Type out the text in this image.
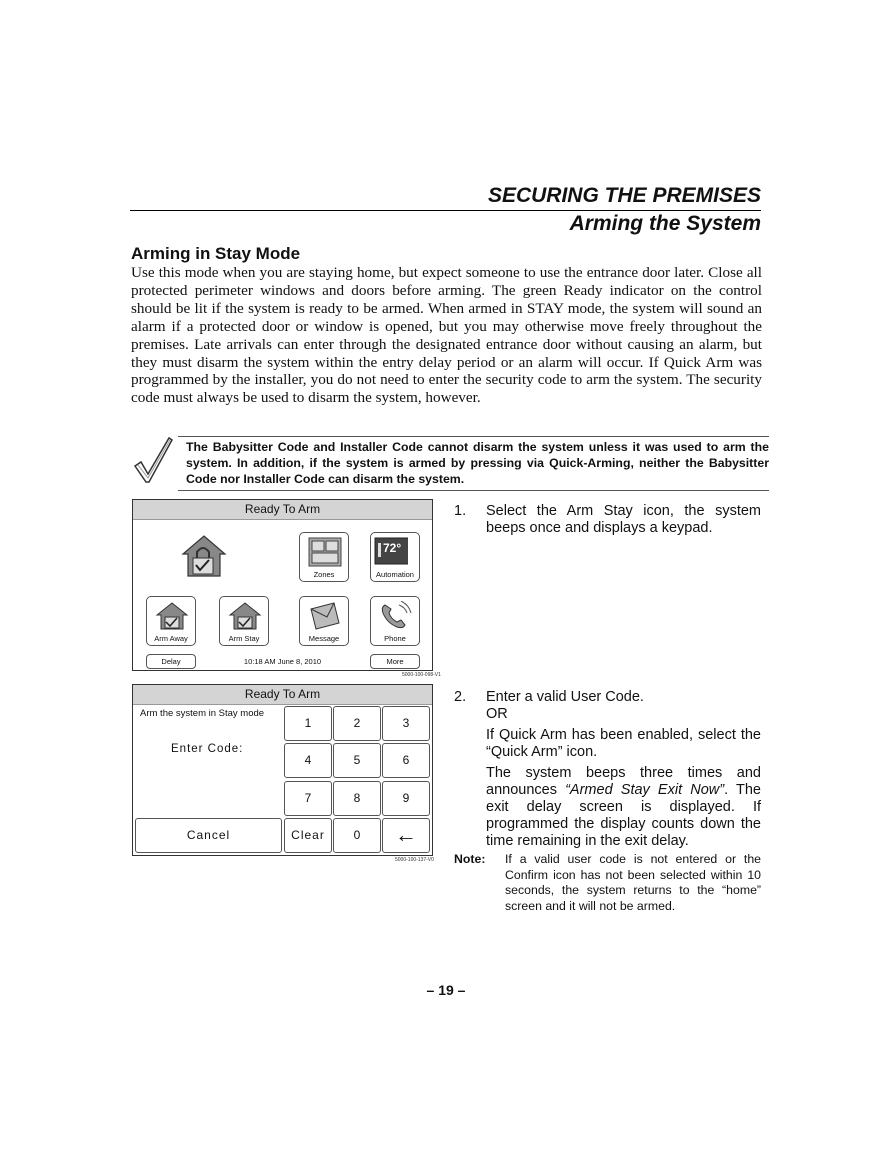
SECURING THE PREMISES
Arming the System
Arming in Stay Mode
Use this mode when you are staying home, but expect someone to use the entrance door later. Close all protected perimeter windows and doors before arming. The green Ready indicator on the control should be lit if the system is ready to be armed. When armed in STAY mode, the system will sound an alarm if a protected door or window is opened, but you may otherwise move freely throughout the premises. Late arrivals can enter through the designated entrance door without causing an alarm, but they must disarm the system within the entry delay period or an alarm will occur. If Quick Arm was programmed by the installer, you do not need to enter the security code to arm the system. The security code must always be used to disarm the system, however.
The Babysitter Code and Installer Code cannot disarm the system unless it was used to arm the system. In addition, if the system is armed by pressing via Quick-Arming, neither the Babysitter Code nor Installer Code can disarm the system.
Ready To Arm
Zones
72°
Automation
Arm Away	Arm Stay	Message	Phone
Delay	10:18 AM June 8, 2010	More
5000-100-098-V1
Ready To Arm
Arm the system in Stay mode
Enter Code:
1	2	3
4	5	6
7	8	9
Cancel	Clear	0	←
5000-100-137-V0
1. Select the Arm Stay icon, the system beeps once and displays a keypad.
2. Enter a valid User Code.
OR
If Quick Arm has been enabled, select the “Quick Arm” icon.
The system beeps three times and announces “Armed Stay Exit Now”. The exit delay screen is displayed. If programmed the display counts down the time remaining in the exit delay.
Note: If a valid user code is not entered or the Confirm icon has not been selected within 10 seconds, the system returns to the “home” screen and it will not be armed.
– 19 –
